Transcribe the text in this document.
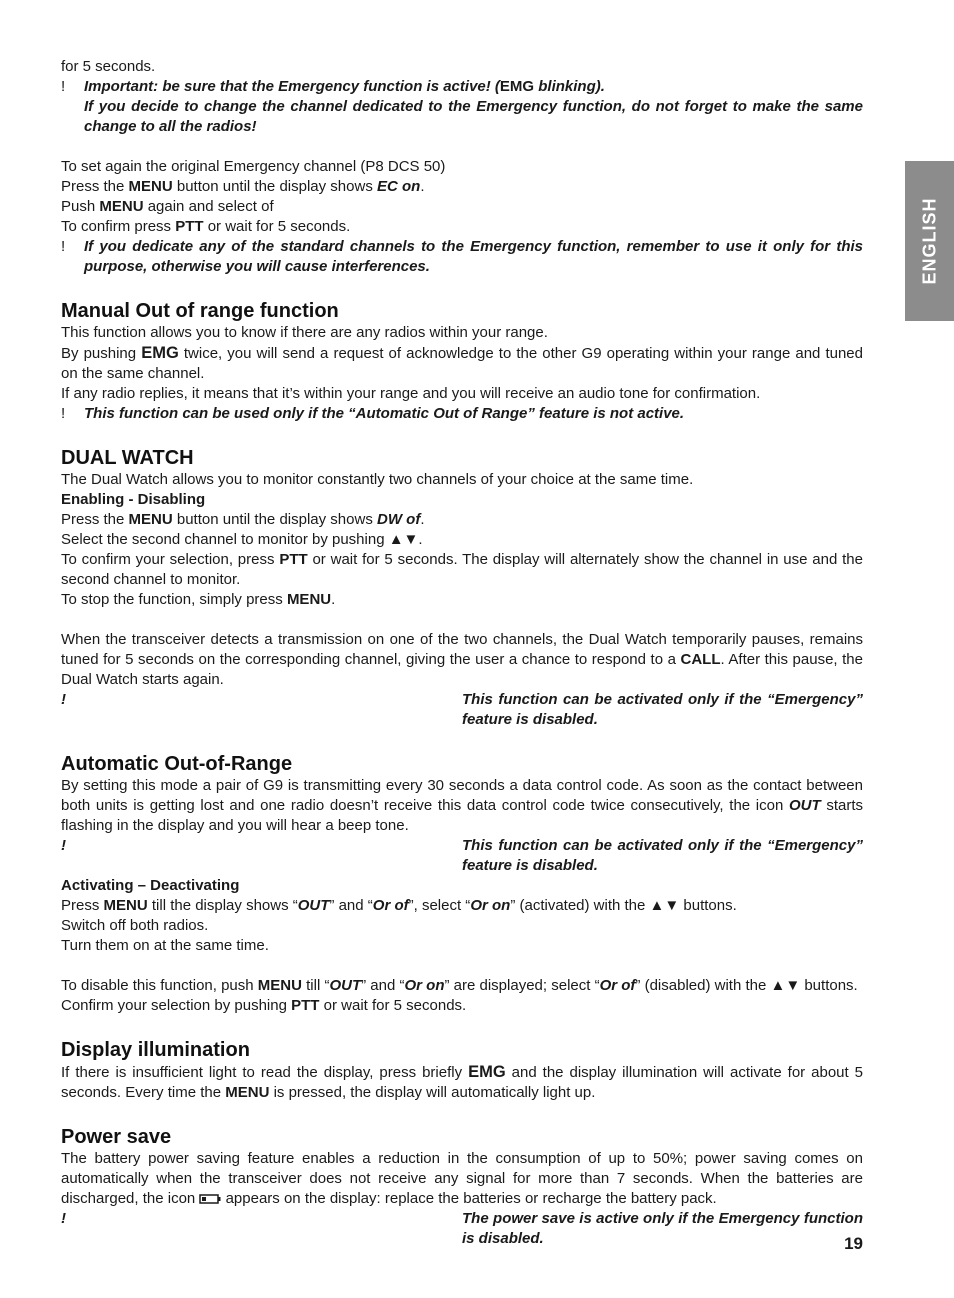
ENGLISH

for 5 seconds.

!	Important: be sure that the Emergency function is active! (EMG blinking).
If you decide to change the channel dedicated to the Emergency function, do not forget to make the same change to all the radios!

To set again the original Emergency channel (P8 DCS 50)

Press the MENU button until the display shows EC on.

Push MENU again and select of

To confirm press PTT or wait for 5 seconds.

!	If you dedicate any of the standard channels to the Emergency function, remember to use it only for this purpose, otherwise you will cause interferences.
Manual Out of range function

This function allows you to know if there are any radios within your range.

By pushing EMG twice, you will send a request of acknowledge to the other G9 operating within your range and tuned on the same channel.

If any radio replies, it means that it’s within your range and you will receive an audio tone for confirmation.

!	This function can be used only if the “Automatic Out of Range” feature is not active.
DUAL WATCH

The Dual Watch allows you to monitor constantly two channels of your choice at the same time.

Enabling - Disabling

Press the MENU button until the display shows DW of.

Select the second channel to monitor by pushing ▲▼.

To confirm your selection, press PTT or wait for 5 seconds. The display will alternately show the channel in use and the second channel to monitor.

To stop the function, simply press MENU.

When the transceiver detects a transmission on one of the two channels, the Dual Watch temporarily pauses, remains tuned for 5 seconds on the corresponding channel, giving the user a chance to respond to a CALL. After this pause, the Dual Watch starts again.

!	This function can be activated only if the “Emergency” feature is disabled.
Automatic Out-of-Range

By setting this mode a pair of G9 is transmitting every 30 seconds a data control code. As soon as the contact between both units is getting lost and one radio doesn’t receive this data control code twice consecutively, the icon OUT starts flashing in the display and you will hear a beep tone.

!	This function can be activated only if the “Emergency” feature is disabled.

Activating – Deactivating

Press MENU till the display shows “OUT” and “Or of”, select “Or on” (activated) with the ▲▼ buttons.

Switch off both radios.

Turn them on at the same time.

To disable this function, push MENU till “OUT” and “Or on” are displayed; select “Or of” (disabled) with the ▲▼ buttons.

Confirm your selection by pushing PTT or wait for 5 seconds.

Display illumination

If there is insufficient light to read the display, press briefly EMG and the display illumination will activate for about 5 seconds. Every time the MENU is pressed, the display will automatically light up.

Power save

The battery power saving feature enables a reduction in the consumption of up to 50%; power saving comes on automatically when the transceiver does not receive any signal for more than 7 seconds. When the batteries are discharged, the icon  appears on the display: replace the batteries or recharge the battery pack.

!	The power save is active only if the Emergency function is disabled.	19
